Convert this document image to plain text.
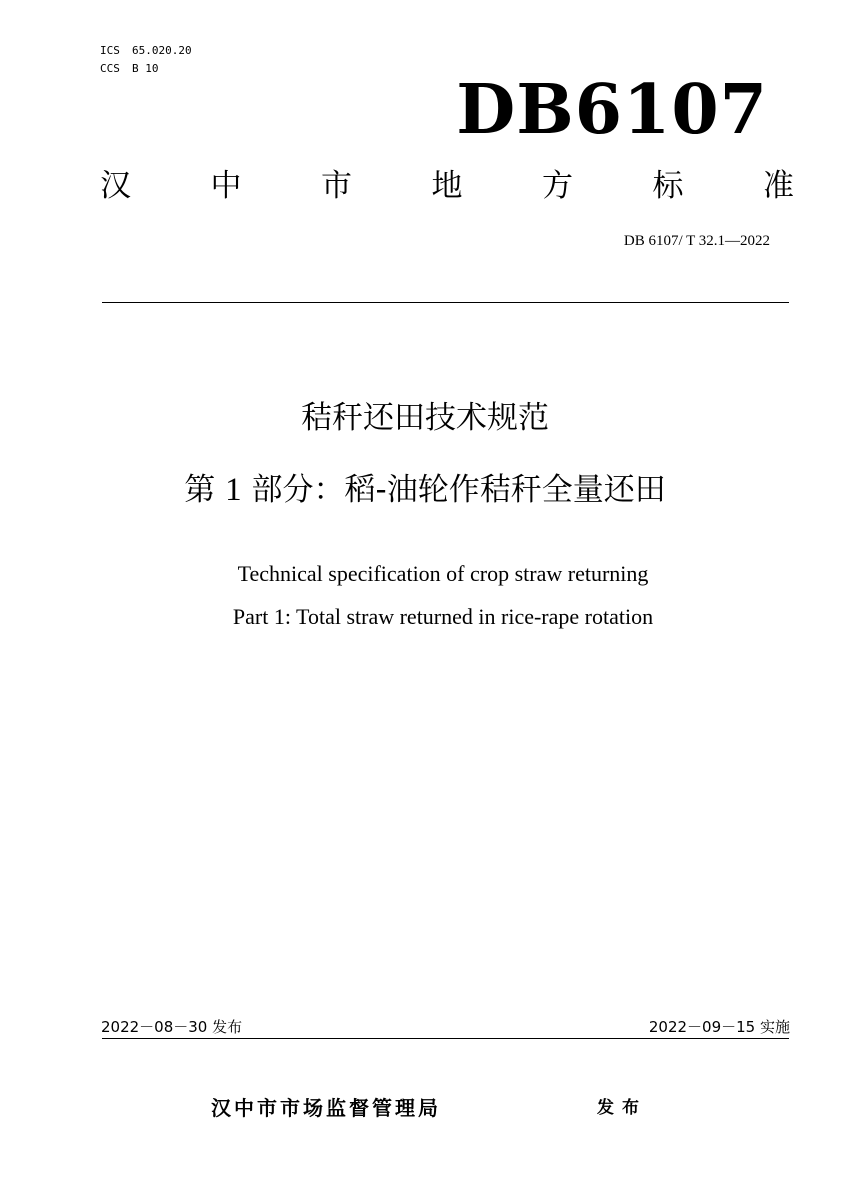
ICS 65.020.20
CCS B 10
DB6107
汉	中	市	地	方	标	准
DB 6107/ T 32.1—2022
秸秆还田技术规范
第 1 部分：稻-油轮作秸秆全量还田
Technical specification of crop straw returning
Part 1: Total straw returned in rice-rape rotation
2022－08－30 发布	2022－09－15 实施
汉中市市场监督管理局	发布
